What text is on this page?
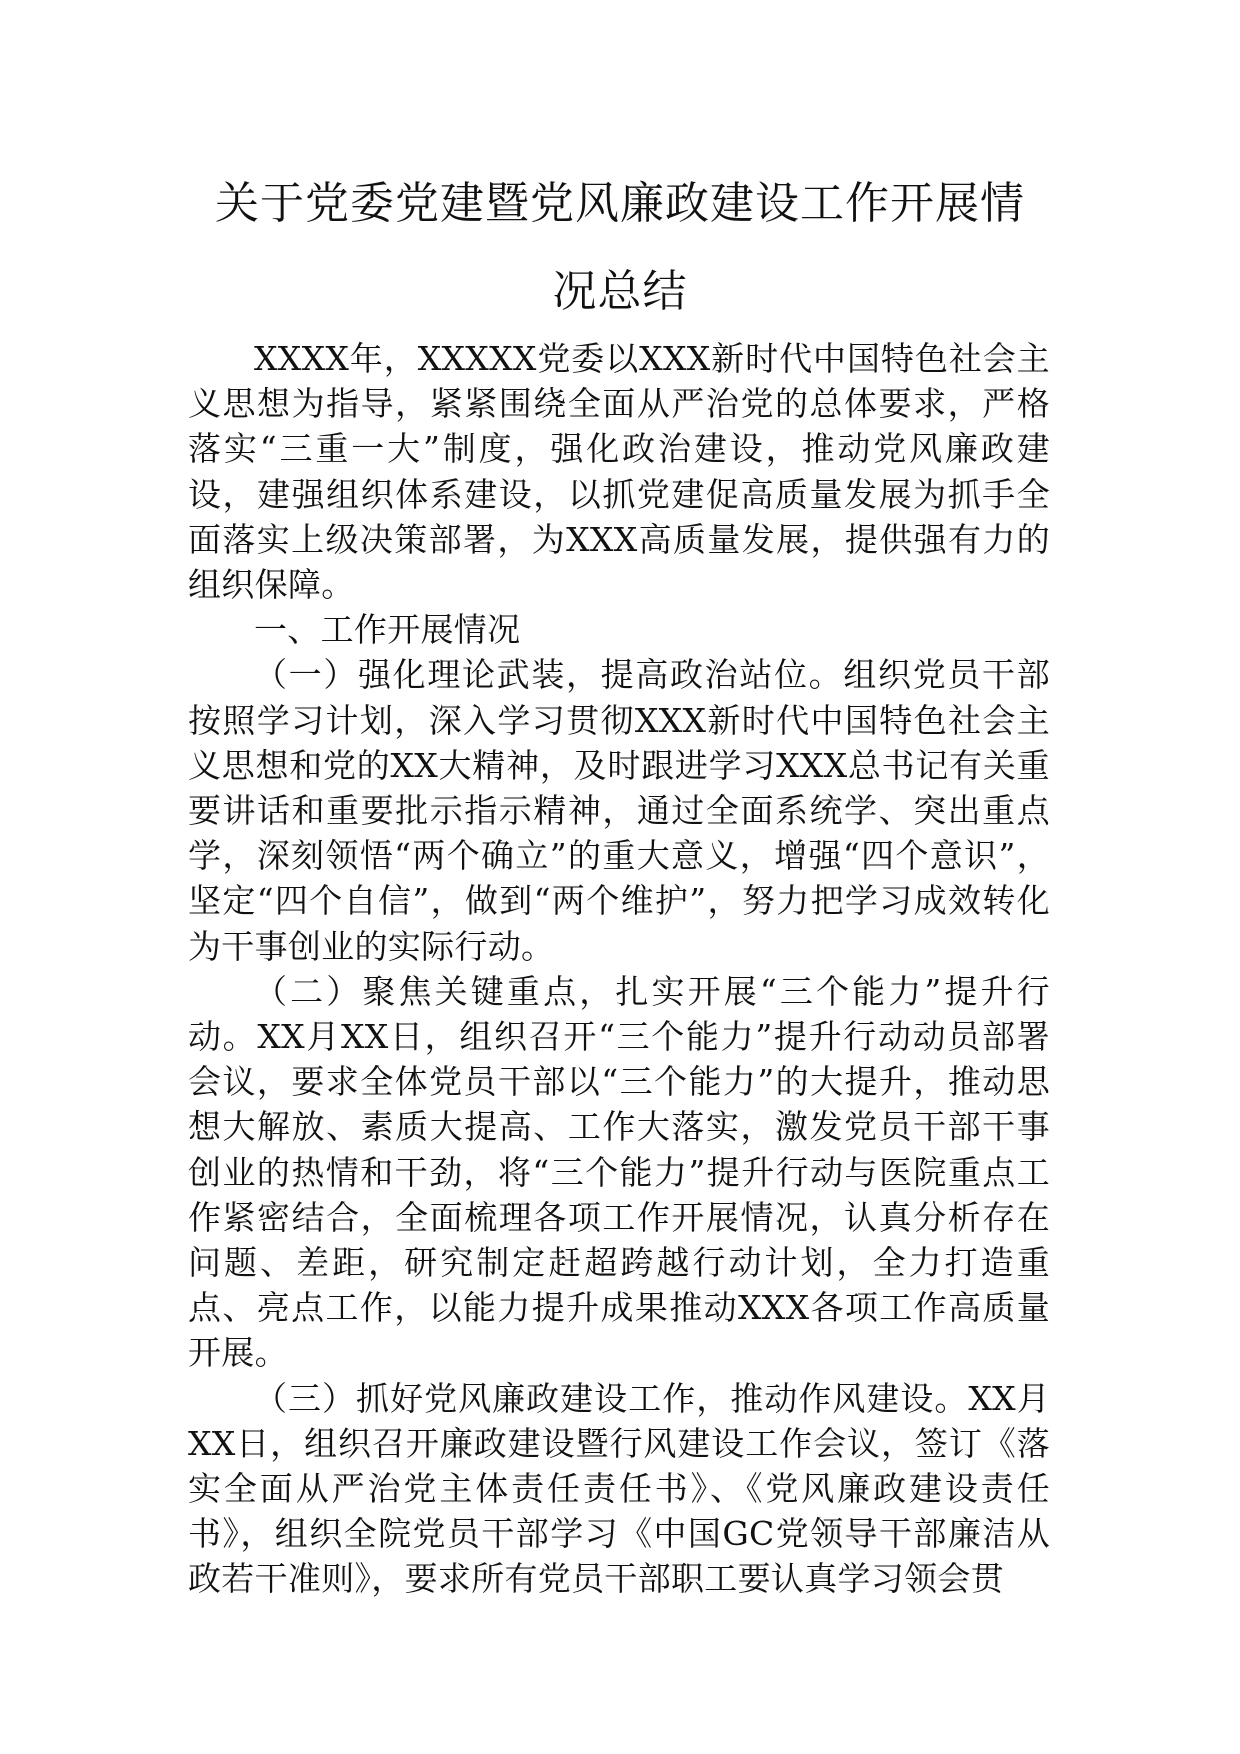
关于党委党建暨党风廉政建设工作开展情
况总结

XXXX年，XXXXX党委以XXX新时代中国特色社会主义思想为指导，紧紧围绕全面从严治党的总体要求，严格落实“三重一大”制度，强化政治建设，推动党风廉政建设，建强组织体系建设，以抓党建促高质量发展为抓手全面落实上级决策部署，为XXX高质量发展，提供强有力的组织保障。

一、工作开展情况

（一）强化理论武装，提高政治站位。组织党员干部按照学习计划，深入学习贯彻XXX新时代中国特色社会主义思想和党的XX大精神，及时跟进学习XXX总书记有关重要讲话和重要批示指示精神，通过全面系统学、突出重点学，深刻领悟“两个确立”的重大意义，增强“四个意识”，坚定“四个自信”，做到“两个维护”，努力把学习成效转化为干事创业的实际行动。

（二）聚焦关键重点，扎实开展“三个能力”提升行动。XX月XX日，组织召开“三个能力”提升行动动员部署会议，要求全体党员干部以“三个能力”的大提升，推动思想大解放、素质大提高、工作大落实，激发党员干部干事创业的热情和干劲，将“三个能力”提升行动与医院重点工作紧密结合，全面梳理各项工作开展情况，认真分析存在问题、差距，研究制定赶超跨越行动计划，全力打造重点、亮点工作，以能力提升成果推动XXX各项工作高质量开展。

（三）抓好党风廉政建设工作，推动作风建设。XX月XX日，组织召开廉政建设暨行风建设工作会议，签订《落实全面从严治党主体责任责任书》、《党风廉政建设责任书》，组织全院党员干部学习《中国GC党领导干部廉洁从政若干准则》，要求所有党员干部职工要认真学习领会贯
